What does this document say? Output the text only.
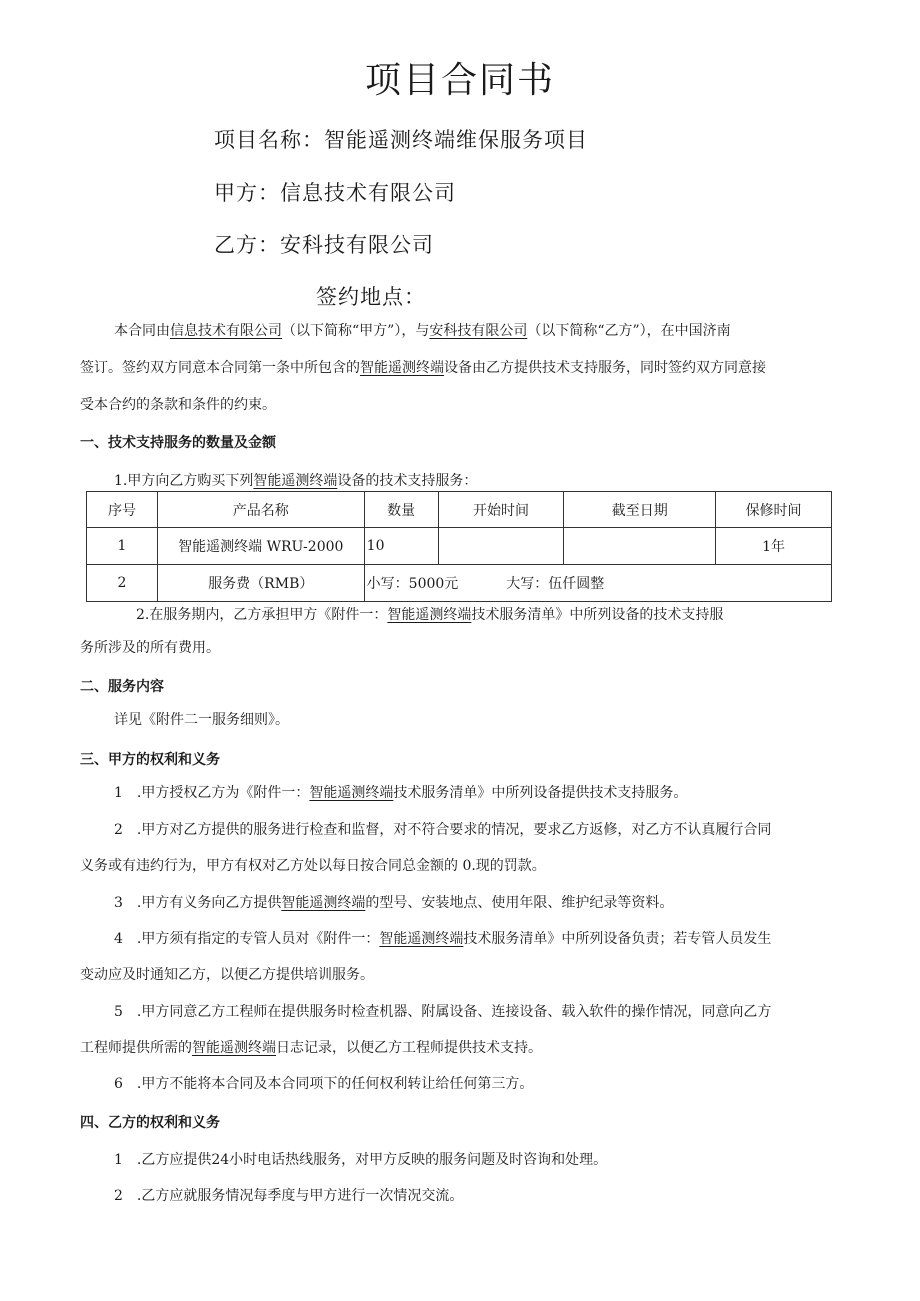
项目合同书
项目名称：智能遥测终端维保服务项目
甲方：信息技术有限公司
乙方：安科技有限公司
签约地点：
本合同由信息技术有限公司（以下简称“甲方”），与安科技有限公司（以下简称“乙方”），在中国济南
签订。签约双方同意本合同第一条中所包含的智能遥测终端设备由乙方提供技术支持服务，同时签约双方同意接
受本合约的条款和条件的约束。
一、技术支持服务的数量及金额
1.甲方向乙方购买下列智能遥测终端设备的技术支持服务：
序号	产品名称	数量	开始时间	截至日期	保修时间
1	智能遥测终端 WRU-2000	10			1年
2	服务费（RMB）	小写：5000元 大写：伍仟圆整			
2.在服务期内，乙方承担甲方《附件一：智能遥测终端技术服务清单》中所列设备的技术支持服
务所涉及的所有费用。
二、服务内容
详见《附件二一服务细则》。
三、甲方的权利和义务
1　.甲方授权乙方为《附件一：智能遥测终端技术服务清单》中所列设备提供技术支持服务。
2　.甲方对乙方提供的服务进行检查和监督，对不符合要求的情况，要求乙方返修，对乙方不认真履行合同
义务或有违约行为，甲方有权对乙方处以每日按合同总金额的 0.现的罚款。
3　.甲方有义务向乙方提供智能遥测终端的型号、安装地点、使用年限、维护纪录等资料。
4　.甲方须有指定的专管人员对《附件一：智能遥测终端技术服务清单》中所列设备负责；若专管人员发生
变动应及时通知乙方，以便乙方提供培训服务。
5　.甲方同意乙方工程师在提供服务时检查机器、附属设备、连接设备、载入软件的操作情况，同意向乙方
工程师提供所需的智能遥测终端日志记录，以便乙方工程师提供技术支持。
6　.甲方不能将本合同及本合同项下的任何权利转让给任何第三方。
四、乙方的权利和义务
1　.乙方应提供24小时电话热线服务，对甲方反映的服务问题及时咨询和处理。
2　.乙方应就服务情况每季度与甲方进行一次情况交流。
